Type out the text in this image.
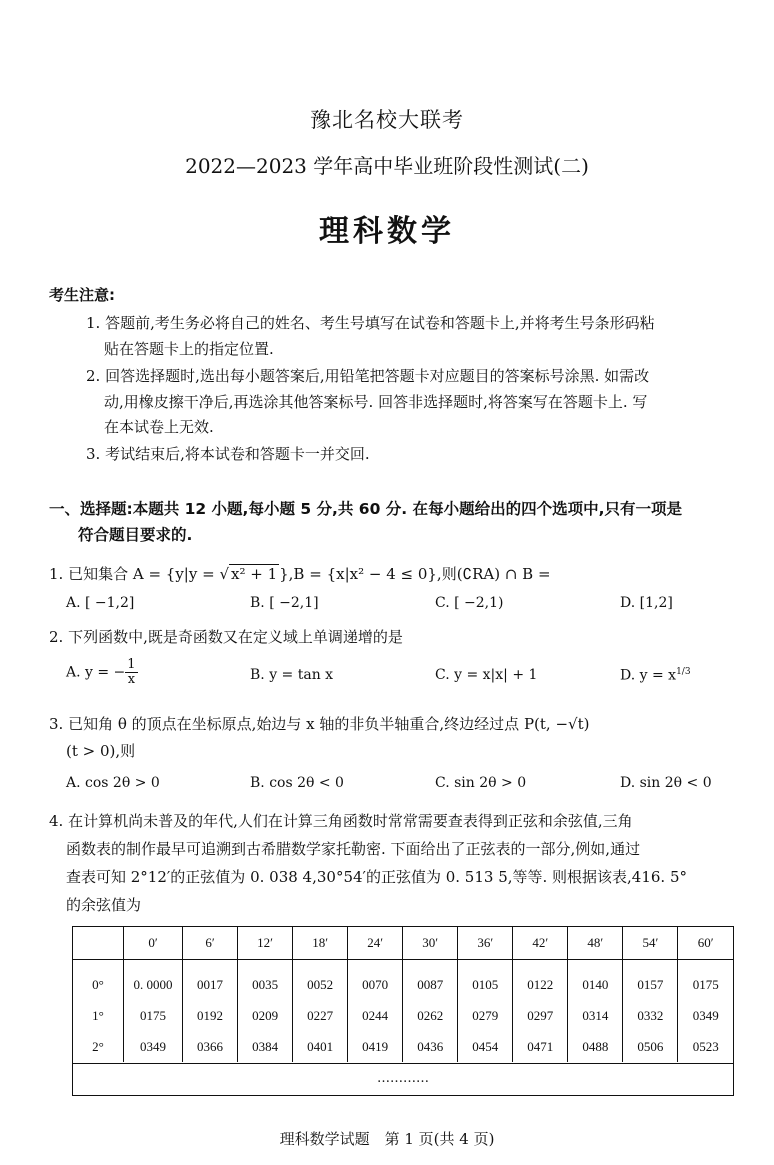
豫北名校大联考
2022—2023 学年高中毕业班阶段性测试(二)
理科数学
考生注意:
1. 答题前,考生务必将自己的姓名、考生号填写在试卷和答题卡上,并将考生号条形码粘
贴在答题卡上的指定位置.
2. 回答选择题时,选出每小题答案后,用铅笔把答题卡对应题目的答案标号涂黑. 如需改
动,用橡皮擦干净后,再选涂其他答案标号. 回答非选择题时,将答案写在答题卡上. 写
在本试卷上无效.
3. 考试结束后,将本试卷和答题卡一并交回.
一、选择题:本题共 12 小题,每小题 5 分,共 60 分. 在每小题给出的四个选项中,只有一项是
符合题目要求的.
1. 已知集合 A = {y|y = √ x² + 1 },B = {x|x² − 4 ≤ 0},则(∁RA) ∩ B =
A. [ −1,2]	B. [ −2,1]	C. [ −2,1)	D. [1,2]
2. 下列函数中,既是奇函数又在定义域上单调递增的是
A. y = − $\frac{1}{x}$	B. y = tan x	C. y = x|x| + 1	D. $y = x^{1/3}$
3. 已知角 θ 的顶点在坐标原点,始边与 x 轴的非负半轴重合,终边经过点 P(t, −√t)
(t > 0),则
A. cos 2θ > 0	B. cos 2θ < 0	C. sin 2θ > 0	D. sin 2θ < 0
4. 在计算机尚未普及的年代,人们在计算三角函数时常常需要查表得到正弦和余弦值,三角
函数表的制作最早可追溯到古希腊数学家托勒密. 下面给出了正弦表的一部分,例如,通过
查表可知 2°12′的正弦值为 0. 038 4,30°54′的正弦值为 0. 513 5,等等. 则根据该表,416. 5°
的余弦值为
	0′	6′	12′	18′	24′	30′	36′	42′	48′	54′	60′
0°	0. 0000	0017	0035	0052	0070	0087	0105	0122	0140	0157	0175
1°	0175	0192	0209	0227	0244	0262	0279	0297	0314	0332	0349
2°	0349	0366	0384	0401	0419	0436	0454	0471	0488	0506	0523
…………
理科数学试题　第 1 页(共 4 页)
